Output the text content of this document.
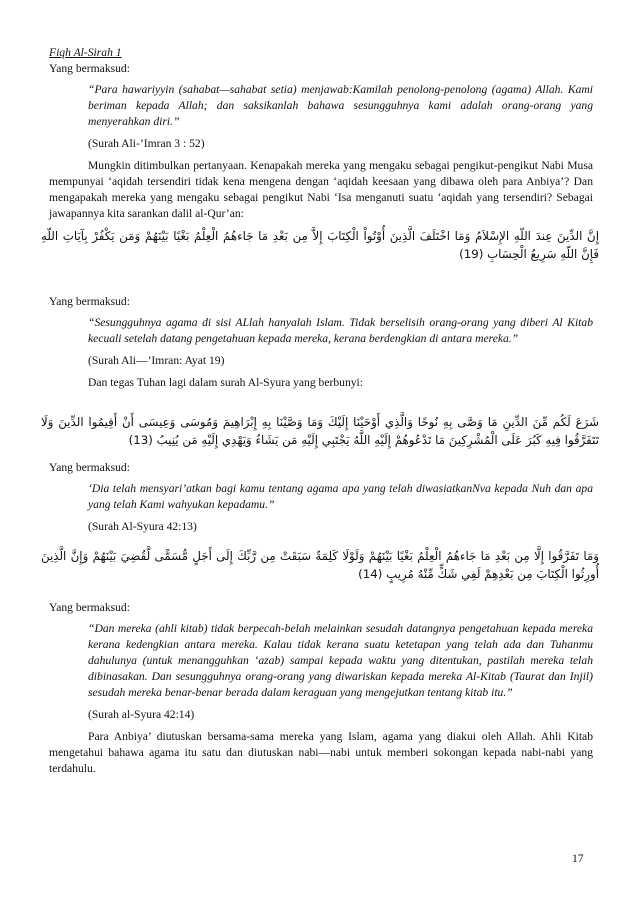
Fiqh Al-Sirah 1
Yang bermaksud:
“Para hawariyyin (sahabat—sahabat setia) menjawab:Kamilah penolong-penolong (agama) Allah. Kami beriman kepada Allah; dan saksikanlah bahawa sesungguhnya kami adalah orang-orang yang menyerahkan diri.”
(Surah Ali-’Imran 3 : 52)
Mungkin ditimbulkan pertanyaan. Kenapakah mereka yang mengaku sebagai pengikut-pengikut Nabi Musa mempunyai ‘aqidah tersendiri tidak kena mengena dengan ‘aqidah keesaan yang dibawa oleh para Anbiya’? Dan mengapakah mereka yang mengaku sebagai pengikut Nabi ‘Isa menganuti suatu ‘aqidah yang tersendiri? Sebagai jawapannya kita sarankan dalil al-Qur’an:
إِنَّ الدِّينَ عِندَ اللّهِ الإِسْلاَمُ وَمَا اخْتَلَفَ الَّذِينَ أُوْتُواْ الْكِتَابَ إِلاَّ مِن بَعْدِ مَا جَاءهُمُ الْعِلْمُ بَغْيًا بَيْنَهُمْ وَمَن يَكْفُرْ بِآيَاتِ اللّهِ فَإِنَّ اللّهِ سَرِيعُ الْحِسَابِ (19)
Yang bermaksud:
“Sesungguhnya agama di sisi ALlah hanyalah Islam. Tidak berselisih orang-orang yang diberi Al Kitab kecuali setelah datang pengetahuan kepada mereka, kerana berdengkian di antara mereka.”
(Surah Ali—’Imran: Ayat 19)
Dan tegas Tuhan lagi dalam surah Al-Syura yang berbunyi:
شَرَعَ لَكُم مِّنَ الدِّينِ مَا وَصَّى بِهِ نُوحًا وَالَّذِي أَوْحَيْنَا إِلَيْكَ وَمَا وَصَّيْنَا بِهِ إِبْرَاهِيمَ وَمُوسَى وَعِيسَى أَنْ أَقِيمُوا الدِّينَ وَلَا تَتَفَرَّقُوا فِيهِ كَبُرَ عَلَى الْمُشْرِكِينَ مَا تَدْعُوهُمْ إِلَيْهِ اللَّهُ يَجْتَبِي إِلَيْهِ مَن يَشَاءُ وَيَهْدِي إِلَيْهِ مَن يُنِيبُ (13)
Yang bermaksud:
‘Dia telah mensyari’atkan bagi kamu tentang agama apa yang telah diwasiatkanNva kepada Nuh dan apa yang telah Kami wahyukan kepadamu.”
(Surah Al-Syura 42:13)
وَمَا تَفَرَّقُوا إِلَّا مِن بَعْدِ مَا جَاءهُمُ الْعِلْمُ بَغْيًا بَيْنَهُمْ وَلَوْلَا كَلِمَةٌ سَبَقَتْ مِن رَّبِّكَ إِلَى أَجَلٍ مُّسَمًّى لَّقُضِيَ بَيْنَهُمْ وَإِنَّ الَّذِينَ أُورِثُوا الْكِتَابَ مِن بَعْدِهِمْ لَفِي شَكٍّ مِّنْهُ مُرِيبٍ (14)
Yang bermaksud:
“Dan mereka (ahli kitab) tidak berpecah-belah melainkan sesudah datangnya pengetahuan kepada mereka kerana kedengkian antara mereka. Kalau tidak kerana suatu ketetapan yang telah ada dan Tuhanmu dahulunya (untuk menangguhkan ‘azab) sampai kepada waktu yang ditentukan, pastilah mereka telah dibinasakan. Dan sesungguhnya orang-orang yang diwariskan kepada mereka Al-Kitab (Taurat dan Injil) sesudah mereka benar-benar berada dalam keraguan yang mengejutkan tentang kitab itu.”
(Surah al-Syura 42:14)
Para Anbiya’ diutuskan bersama-sama mereka yang Islam, agama yang diakui oleh Allah. Ahli Kitab mengetahui bahawa agama itu satu dan diutuskan nabi—nabi untuk memberi sokongan kepada nabi-nabi yang terdahulu.
17
